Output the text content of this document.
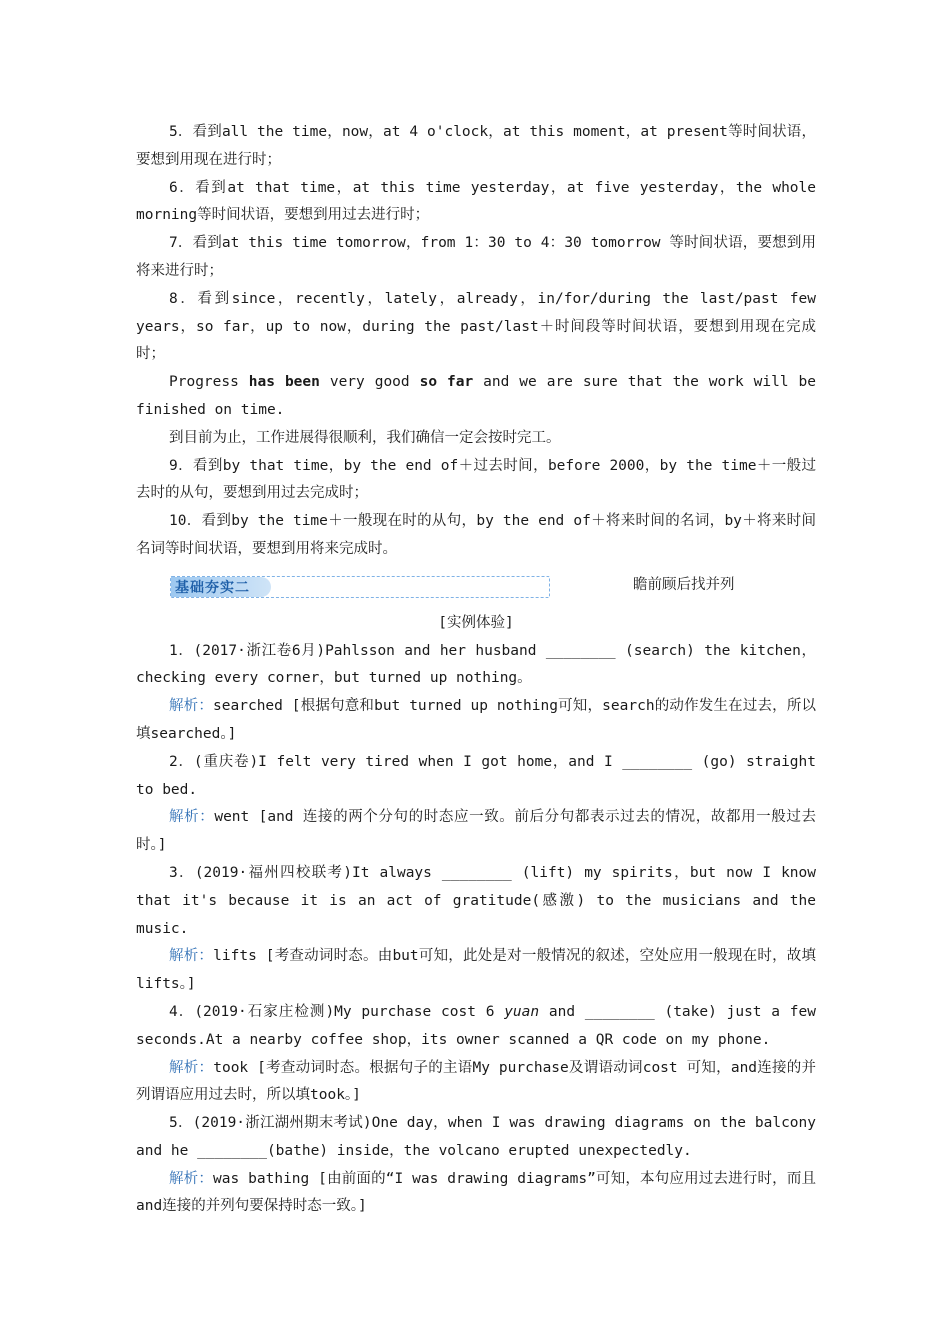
5．看到all the time，now，at 4 o'clock，at this moment，at present等时间状语，要想到用现在进行时；

6．看到at that time，at this time yesterday，at five yesterday，the whole morning等时间状语，要想到用过去进行时；

7．看到at this time tomorrow，from 1：30 to 4：30 tomorrow 等时间状语，要想到用将来进行时；

8．看到since，recently，lately，already，in/for/during the last/past few years，so far，up to now，during the past/last＋时间段等时间状语，要想到用现在完成时；

Progress has been very good so far and we are sure that the work will be finished on time.

到目前为止，工作进展得很顺利，我们确信一定会按时完工。

9．看到by that time，by the end of＋过去时间，before 2000，by the time＋一般过去时的从句，要想到用过去完成时；

10．看到by the time＋一般现在时的从句，by the end of＋将来时间的名词，by＋将来时间名词等时间状语，要想到用将来完成时。

基础夯实二	瞻前顾后找并列

[实例体验]

1．(2017·浙江卷6月)Pahlsson and her husband ________ (search) the kitchen，checking every corner，but turned up nothing。

解析：searched [根据句意和but turned up nothing可知，search的动作发生在过去，所以填searched。]

2．(重庆卷)I felt very tired when I got home，and I ________ (go) straight to bed.

解析：went [and 连接的两个分句的时态应一致。前后分句都表示过去的情况，故都用一般过去时。]

3．(2019·福州四校联考)It always ________ (lift) my spirits，but now I know that it's because it is an act of gratitude(感激) to the musicians and the music.

解析：lifts [考查动词时态。由but可知，此处是对一般情况的叙述，空处应用一般现在时，故填lifts。]

4．(2019·石家庄检测)My purchase cost 6 yuan and ________ (take) just a few seconds.At a nearby coffee shop，its owner scanned a QR code on my phone.

解析：took [考查动词时态。根据句子的主语My purchase及谓语动词cost 可知，and连接的并列谓语应用过去时，所以填took。]

5．(2019·浙江湖州期末考试)One day，when I was drawing diagrams on the balcony and he ________(bathe) inside，the volcano erupted unexpectedly.

解析：was bathing [由前面的“I was drawing diagrams”可知，本句应用过去进行时，而且and连接的并列句要保持时态一致。]
